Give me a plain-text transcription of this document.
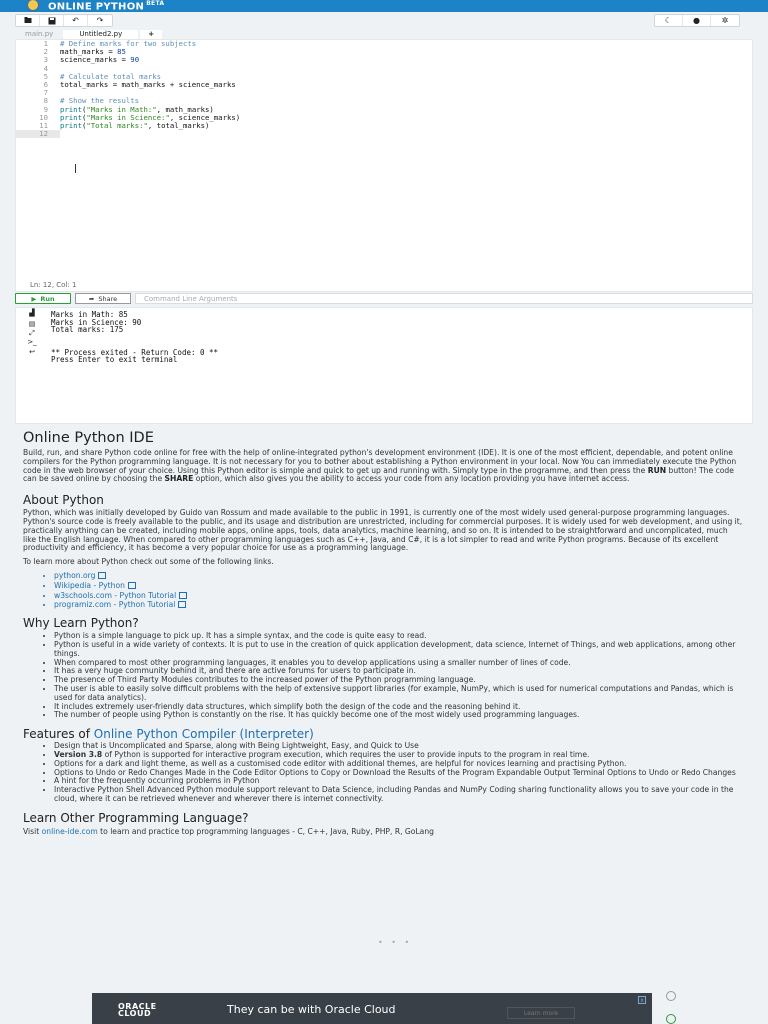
ONLINE PYTHON $^{BETA}$
↶ ↷	☾	●	✲
main.py	Untitled2.py	+
1	# Define marks for two subjects
2	math_marks = 85
3	science_marks = 90
4
5	# Calculate total marks
6	total_marks = math_marks + science_marks
7
8	# Show the results
9	print("Marks in Math:", math_marks)
10	print("Marks in Science:", science_marks)
11	print("Total marks:", total_marks)
12
Ln: 12, Col: 1
▶ Run	➦ Share	Command Line Arguments
▟
▤
⤢
>_
↩
Marks in Math: 85
Marks in Science: 90
Total marks: 175

** Process exited - Return Code: 0 **
Press Enter to exit terminal
Online Python IDE

Build, run, and share Python code online for free with the help of online-integrated python's development environment (IDE). It is one of the most efficient, dependable, and potent online compilers for the Python programming language. It is not necessary for you to bother about establishing a Python environment in your local. Now You can immediately execute the Python code in the web browser of your choice. Using this Python editor is simple and quick to get up and running with. Simply type in the programme, and then press the RUN button! The code can be saved online by choosing the SHARE option, which also gives you the ability to access your code from any location providing you have internet access.

About Python

Python, which was initially developed by Guido van Rossum and made available to the public in 1991, is currently one of the most widely used general-purpose programming languages. Python's source code is freely available to the public, and its usage and distribution are unrestricted, including for commercial purposes. It is widely used for web development, and using it, practically anything can be created, including mobile apps, online apps, tools, data analytics, machine learning, and so on. It is intended to be straightforward and uncomplicated, much like the English language. When compared to other programming languages such as C++, Java, and C#, it is a lot simpler to read and write Python programs. Because of its excellent productivity and efficiency, it has become a very popular choice for use as a programming language.

To learn more about Python check out some of the following links.

• python.org
• Wikipedia - Python
• w3schools.com - Python Tutorial
• programiz.com - Python Tutorial
Why Learn Python?
• Python is a simple language to pick up. It has a simple syntax, and the code is quite easy to read.
• Python is useful in a wide variety of contexts. It is put to use in the creation of quick application development, data science, Internet of Things, and web applications, among other things.
• When compared to most other programming languages, it enables you to develop applications using a smaller number of lines of code.
• It has a very huge community behind it, and there are active forums for users to participate in.
• The presence of Third Party Modules contributes to the increased power of the Python programming language.
• The user is able to easily solve difficult problems with the help of extensive support libraries (for example, NumPy, which is used for numerical computations and Pandas, which is used for data analytics).
• It includes extremely user-friendly data structures, which simplify both the design of the code and the reasoning behind it.
• The number of people using Python is constantly on the rise. It has quickly become one of the most widely used programming languages.
Features of Online Python Compiler (Interpreter)
• Design that is Uncomplicated and Sparse, along with Being Lightweight, Easy, and Quick to Use
• Version 3.8 of Python is supported for interactive program execution, which requires the user to provide inputs to the program in real time.
• Options for a dark and light theme, as well as a customised code editor with additional themes, are helpful for novices learning and practising Python.
• Options to Undo or Redo Changes Made in the Code Editor Options to Copy or Download the Results of the Program Expandable Output Terminal Options to Undo or Redo Changes
• A hint for the frequently occurring problems in Python
• Interactive Python Shell Advanced Python module support relevant to Data Science, including Pandas and NumPy Coding sharing functionality allows you to save your code in the cloud, where it can be retrieved whenever and wherever there is internet connectivity.
Learn Other Programming Language?

Visit online-ide.com to learn and practice top programming languages - C, C++, Java, Ruby, PHP, R, GoLang

• • •
ORACLE
CLOUD	They can be with Oracle Cloud	Learn more
x
